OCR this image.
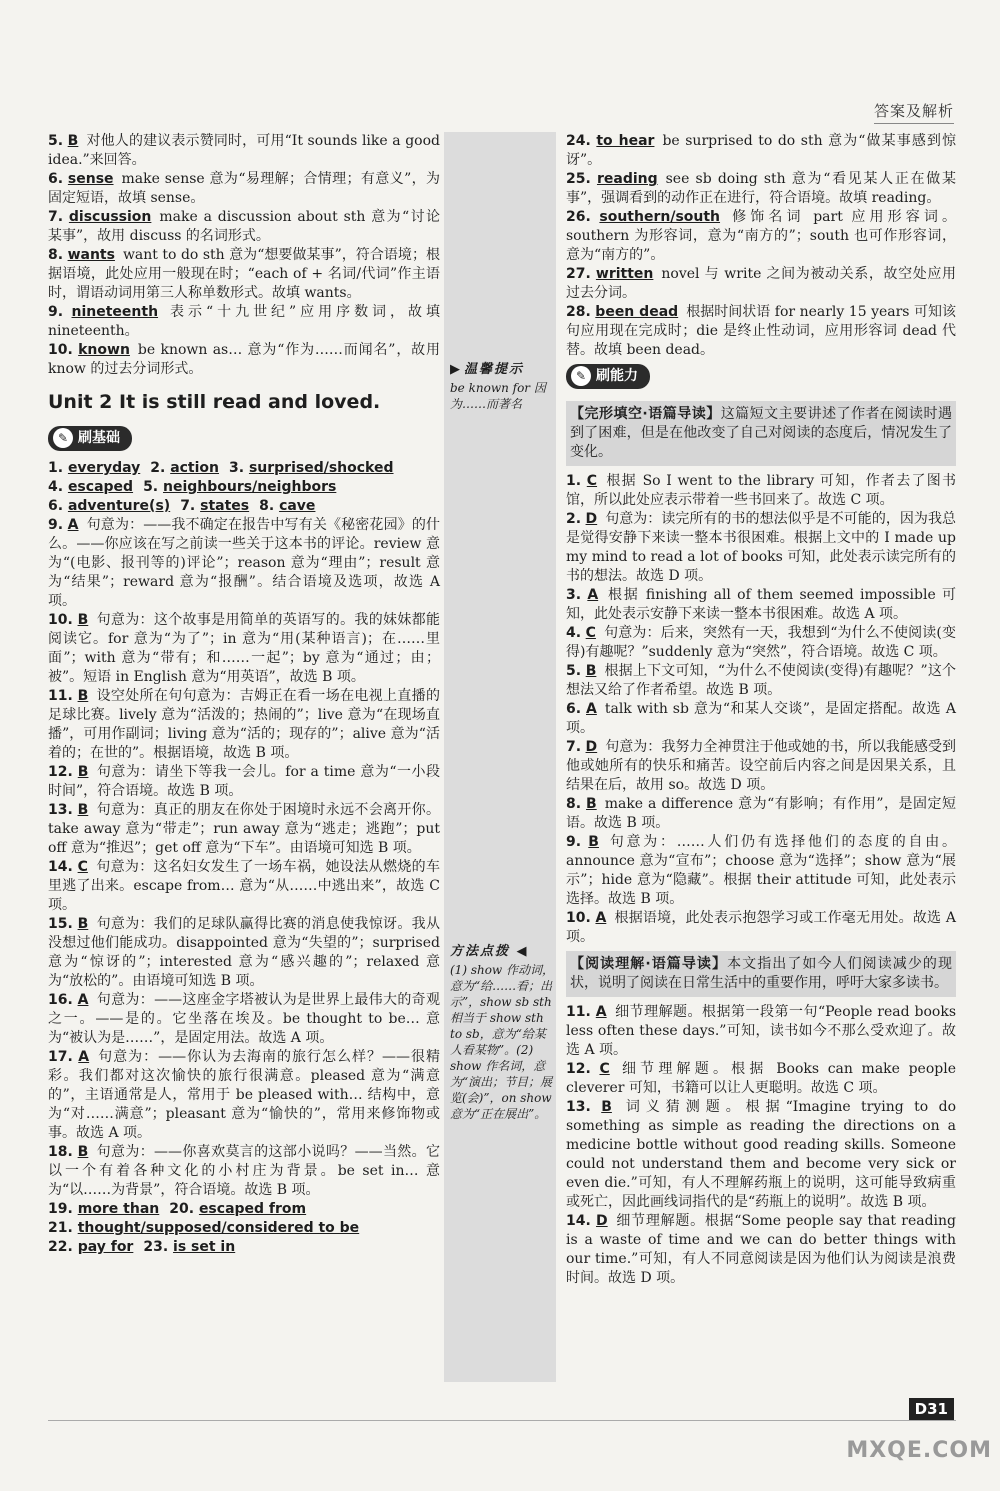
答案及解析
▶ 温馨提示
be known for 因为……而著名
方法点拨 ◀
(1) show 作动词，意为“给……看；出示”，show sb sth 相当于 show sth to sb，意为“给某人看某物”。(2) show 作名词，意为“演出；节目；展览(会)”，on show 意为“正在展出”。
5. B 对他人的建议表示赞同时，可用“It sounds like a good idea.”来回答。
6. sense make sense 意为“易理解；合情理；有意义”，为固定短语，故填 sense。
7. discussion make a discussion about sth 意为“讨论某事”，故用 discuss 的名词形式。
8. wants want to do sth 意为“想要做某事”，符合语境；根据语境，此处应用一般现在时；“each of + 名词/代词”作主语时，谓语动词用第三人称单数形式。故填 wants。
9. nineteenth 表示“十九世纪”应用序数词，故填 nineteenth。
10. known be known as… 意为“作为……而闻名”，故用 know 的过去分词形式。
Unit 2 It is still read and loved.
✎ 刷基础
1. everyday 2. action 3. surprised/shocked
4. escaped 5. neighbours/neighbors
6. adventure(s) 7. states 8. cave
9. A 句意为：——我不确定在报告中写有关《秘密花园》的什么。——你应该在写之前读一些关于这本书的评论。review 意为“(电影、报刊等的)评论”；reason 意为“理由”；result 意为“结果”；reward 意为“报酬”。结合语境及选项，故选 A 项。
10. B 句意为：这个故事是用简单的英语写的。我的妹妹都能阅读它。for 意为“为了”；in 意为“用(某种语言)；在……里面”；with 意为“带有；和……一起”；by 意为“通过；由；被”。短语 in English 意为“用英语”，故选 B 项。
11. B 设空处所在句句意为：吉姆正在看一场在电视上直播的足球比赛。lively 意为“活泼的；热闹的”；live 意为“在现场直播”，可用作副词；living 意为“活的；现存的”；alive 意为“活着的；在世的”。根据语境，故选 B 项。
12. B 句意为：请坐下等我一会儿。for a time 意为“一小段时间”，符合语境。故选 B 项。
13. B 句意为：真正的朋友在你处于困境时永远不会离开你。take away 意为“带走”；run away 意为“逃走；逃跑”；put off 意为“推迟”；get off 意为“下车”。由语境可知选 B 项。
14. C 句意为：这名妇女发生了一场车祸，她设法从燃烧的车里逃了出来。escape from… 意为“从……中逃出来”，故选 C 项。
15. B 句意为：我们的足球队赢得比赛的消息使我惊讶。我从没想过他们能成功。disappointed 意为“失望的”；surprised 意为“惊讶的”；interested 意为“感兴趣的”；relaxed 意为“放松的”。由语境可知选 B 项。
16. A 句意为：——这座金字塔被认为是世界上最伟大的奇观之一。——是的。它坐落在埃及。be thought to be… 意为“被认为是……”，是固定用法。故选 A 项。
17. A 句意为：——你认为去海南的旅行怎么样？——很精彩。我们都对这次愉快的旅行很满意。pleased 意为“满意的”，主语通常是人，常用于 be pleased with… 结构中，意为“对……满意”；pleasant 意为“愉快的”，常用来修饰物或事。故选 A 项。
18. B 句意为：——你喜欢莫言的这部小说吗？——当然。它以一个有着各种文化的小村庄为背景。be set in… 意为“以……为背景”，符合语境。故选 B 项。
19. more than 20. escaped from
21. thought/supposed/considered to be
22. pay for 23. is set in
24. to hear be surprised to do sth 意为“做某事感到惊讶”。
25. reading see sb doing sth 意为“看见某人正在做某事”，强调看到的动作正在进行，符合语境。故填 reading。
26. southern/south 修饰名词 part 应用形容词。southern 为形容词，意为“南方的”；south 也可作形容词，意为“南方的”。
27. written novel 与 write 之间为被动关系，故空处应用过去分词。
28. been dead 根据时间状语 for nearly 15 years 可知该句应用现在完成时；die 是终止性动词，应用形容词 dead 代替。故填 been dead。
✎ 刷能力
【完形填空·语篇导读】这篇短文主要讲述了作者在阅读时遇到了困难，但是在他改变了自己对阅读的态度后，情况发生了变化。
1. C 根据 So I went to the library 可知，作者去了图书馆，所以此处应表示带着一些书回来了。故选 C 项。
2. D 句意为：读完所有的书的想法似乎是不可能的，因为我总是觉得安静下来读一整本书很困难。根据上文中的 I made up my mind to read a lot of books 可知，此处表示读完所有的书的想法。故选 D 项。
3. A 根据 finishing all of them seemed impossible 可知，此处表示安静下来读一整本书很困难。故选 A 项。
4. C 句意为：后来，突然有一天，我想到“为什么不使阅读(变得)有趣呢？”suddenly 意为“突然”，符合语境。故选 C 项。
5. B 根据上下文可知，“为什么不使阅读(变得)有趣呢？”这个想法又给了作者希望。故选 B 项。
6. A talk with sb 意为“和某人交谈”，是固定搭配。故选 A 项。
7. D 句意为：我努力全神贯注于他或她的书，所以我能感受到他或她所有的快乐和痛苦。设空前后内容之间是因果关系，且结果在后，故用 so。故选 D 项。
8. B make a difference 意为“有影响；有作用”，是固定短语。故选 B 项。
9. B 句意为：……人们仍有选择他们的态度的自由。announce 意为“宣布”；choose 意为“选择”；show 意为“展示”；hide 意为“隐藏”。根据 their attitude 可知，此处表示选择。故选 B 项。
10. A 根据语境，此处表示抱怨学习或工作毫无用处。故选 A 项。
【阅读理解·语篇导读】本文指出了如今人们阅读减少的现状，说明了阅读在日常生活中的重要作用，呼吁大家多读书。
11. A 细节理解题。根据第一段第一句“People read books less often these days.”可知，读书如今不那么受欢迎了。故选 A 项。
12. C 细节理解题。根据 Books can make people cleverer 可知，书籍可以让人更聪明。故选 C 项。
13. B 词义猜测题。根据“Imagine trying to do something as simple as reading the directions on a medicine bottle without good reading skills. Someone could not understand them and become very sick or even die.”可知，有人不理解药瓶上的说明，这可能导致病重或死亡，因此画线词指代的是“药瓶上的说明”。故选 B 项。
14. D 细节理解题。根据“Some people say that reading is a waste of time and we can do better things with our time.”可知，有人不同意阅读是因为他们认为阅读是浪费时间。故选 D 项。
D31
MXQE.COM
